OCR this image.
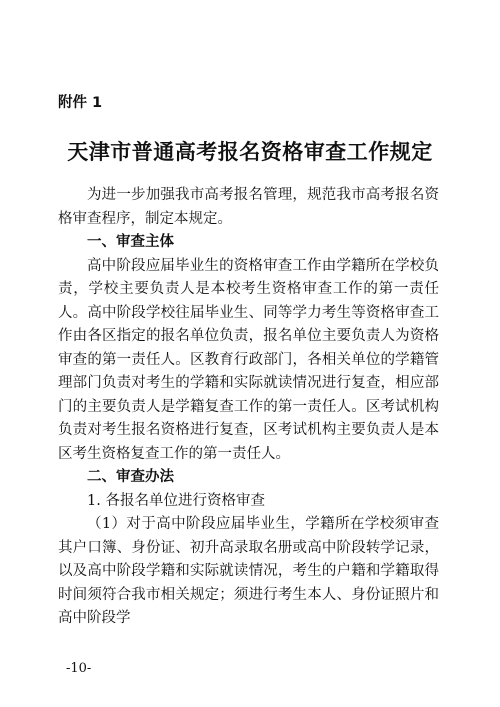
附件 1
天津市普通高考报名资格审查工作规定

为进一步加强我市高考报名管理，规范我市高考报名资格审查程序，制定本规定。

一、审查主体

高中阶段应届毕业生的资格审查工作由学籍所在学校负责，学校主要负责人是本校考生资格审查工作的第一责任人。高中阶段学校往届毕业生、同等学力考生等资格审查工作由各区指定的报名单位负责，报名单位主要负责人为资格审查的第一责任人。区教育行政部门，各相关单位的学籍管理部门负责对考生的学籍和实际就读情况进行复查，相应部门的主要负责人是学籍复查工作的第一责任人。区考试机构负责对考生报名资格进行复查，区考试机构主要负责人是本区考生资格复查工作的第一责任人。

二、审查办法

1. 各报名单位进行资格审查

（1）对于高中阶段应届毕业生，学籍所在学校须审查其户口簿、身份证、初升高录取名册或高中阶段转学记录，以及高中阶段学籍和实际就读情况，考生的户籍和学籍取得时间须符合我市相关规定；须进行考生本人、身份证照片和高中阶段学

-10-
